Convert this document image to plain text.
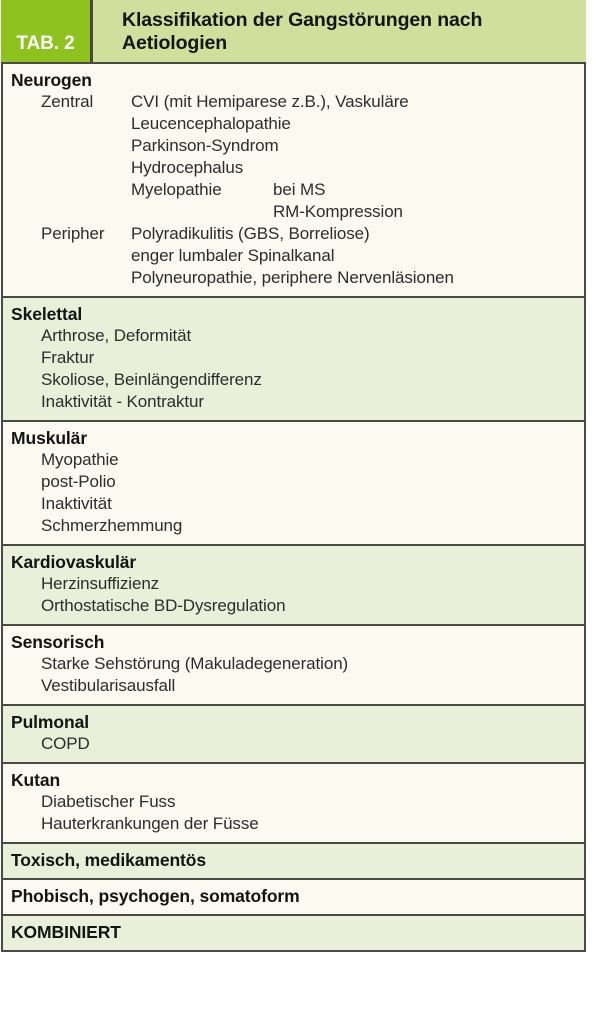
TAB. 2
Klassifikation der Gangstörungen nach Aetiologien
Neurogen
Zentral CVI (mit Hemiparese z.B.), Vaskuläre
Leucencephalopathie
Parkinson-Syndrom
Hydrocephalus
Myelopathie	bei MS
RM-Kompression
Peripher Polyradikulitis (GBS, Borreliose)
enger lumbaler Spinalkanal
Polyneuropathie, periphere Nervenläsionen
Skelettal
Arthrose, Deformität
Fraktur
Skoliose, Beinlängendifferenz
Inaktivität - Kontraktur
Muskulär
Myopathie
post-Polio
Inaktivität
Schmerzhemmung
Kardiovaskulär
Herzinsuffizienz
Orthostatische BD-Dysregulation
Sensorisch
Starke Sehstörung (Makuladegeneration)
Vestibularisausfall
Pulmonal
COPD
Kutan
Diabetischer Fuss
Hauterkrankungen der Füsse
Toxisch, medikamentös
Phobisch, psychogen, somatoform
KOMBINIERT
